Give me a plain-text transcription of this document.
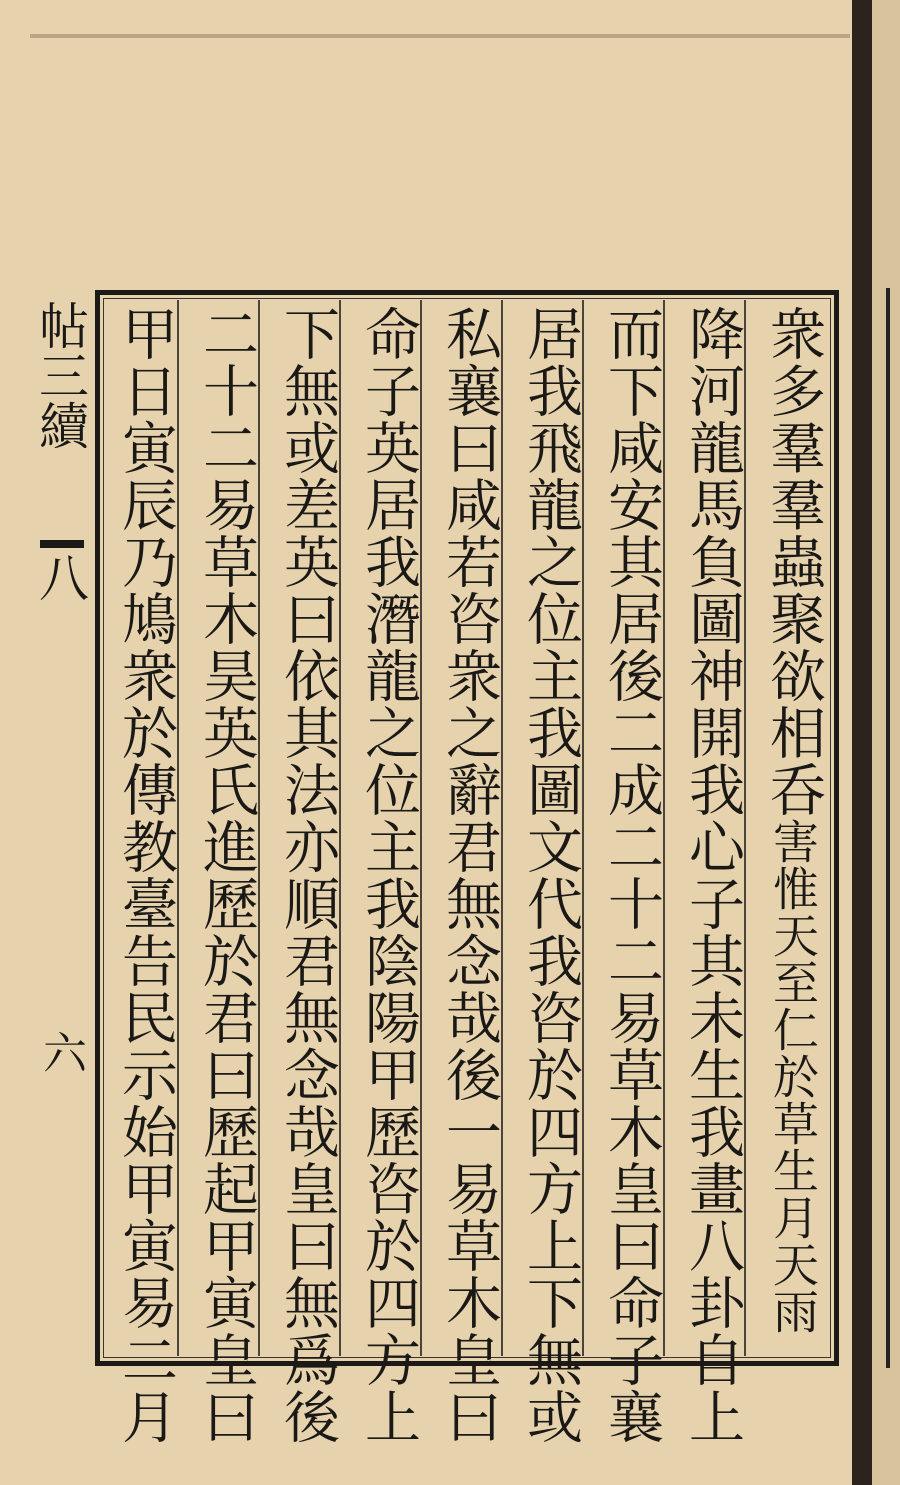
衆多羣羣蟲聚欲相呑害惟天至仁於草生月天雨
降河龍馬負圖神開我心子其未生我畫八卦自上
而下咸安其居後二成二十二易草木皇曰命子襄
居我飛龍之位主我圖文代我咨於四方上下無或
私襄曰咸若咨衆之辭君無念哉後一易草木皇曰
命子英居我潛龍之位主我陰陽甲歷咨於四方上
下無或差英曰依其法亦順君無念哉皇曰無爲後
二十二易草木昊英氏進歷於君曰歷起甲寅皇曰
甲日寅辰乃鳩衆於傳教臺告民示始甲寅易二月
帖三續
八
六
